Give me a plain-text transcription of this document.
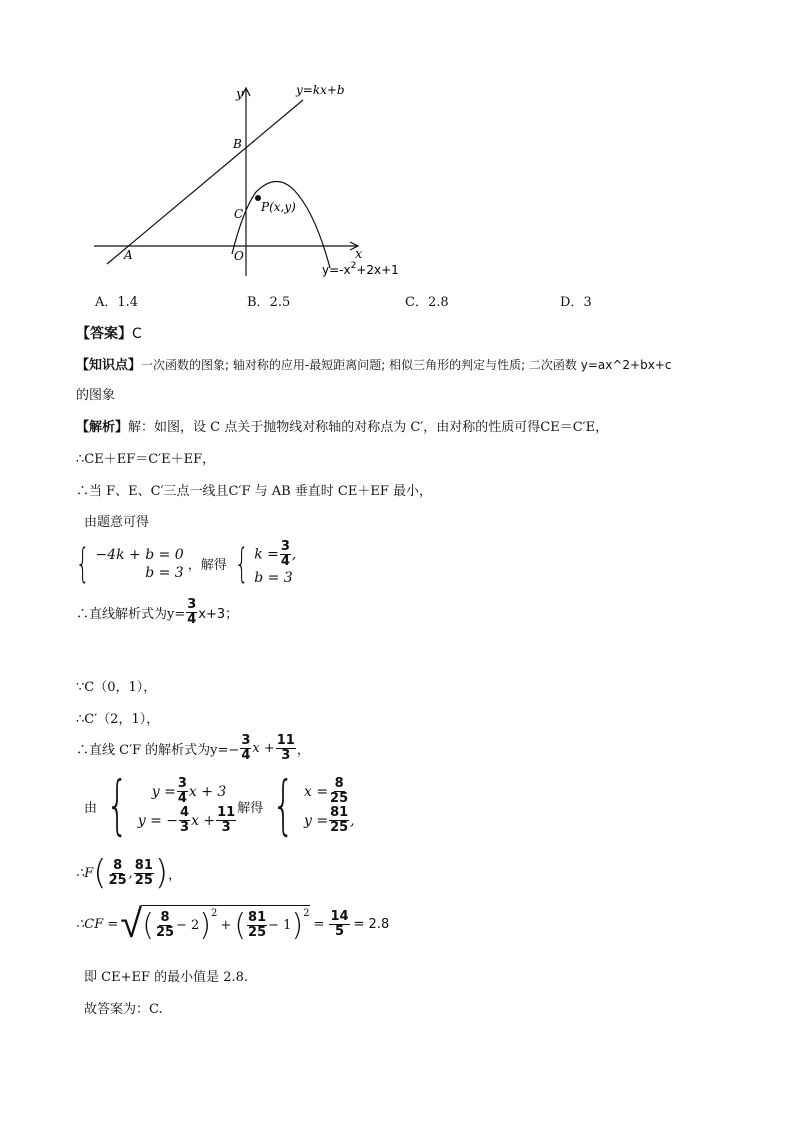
y
x
y=kx+b
B
C
A	O
P(x,y)
$y=-x^2+2x+1$
A．1.4	B．2.5	C．2.8	D．3
【答案】C
【知识点】一次函数的图象; 轴对称的应用-最短距离问题; 相似三角形的判定与性质; 二次函数 y=ax^2+bx+c
的图象
【解析】解：如图，设 C 点关于抛物线对称轴的对称点为 C′，由对称的性质可得CE＝C′E，
∴CE＋EF＝C′E＋EF，
∴当 F、E、C′三点一线且C′F 与 AB 垂直时 CE＋EF 最小，
由题意可得
{ −4k + b = 0
b = 3 ，解得 { $k = \frac{3}{4}$ ,
b = 3
∴直线解析式为$y= \frac{3}{4} x+3$；
∵C（0，1），
∴C′（2，1），
∴直线 C′F 的解析式为$y=- \frac{3}{4}$ $x + \frac{11}{3}$ ，
由 { $y = \frac{3}{4}$ x + 3
y = − $\frac{4}{3}$ $x + \frac{11}{3}$ 解得 { $x = \frac{8}{25}$
$y = \frac{81}{25}$ ,
∴F ( $\frac{8}{25}$ , $\frac{81}{25}$ ) ，
∴CF = √ ( $\frac{8}{25} - 2$ ) 2
+ ( $\frac{81}{25} - 1$ ) 2
= $\frac{14}{5} = 2.8$
即 CE+EF 的最小值是 2.8.
故答案为：C.
